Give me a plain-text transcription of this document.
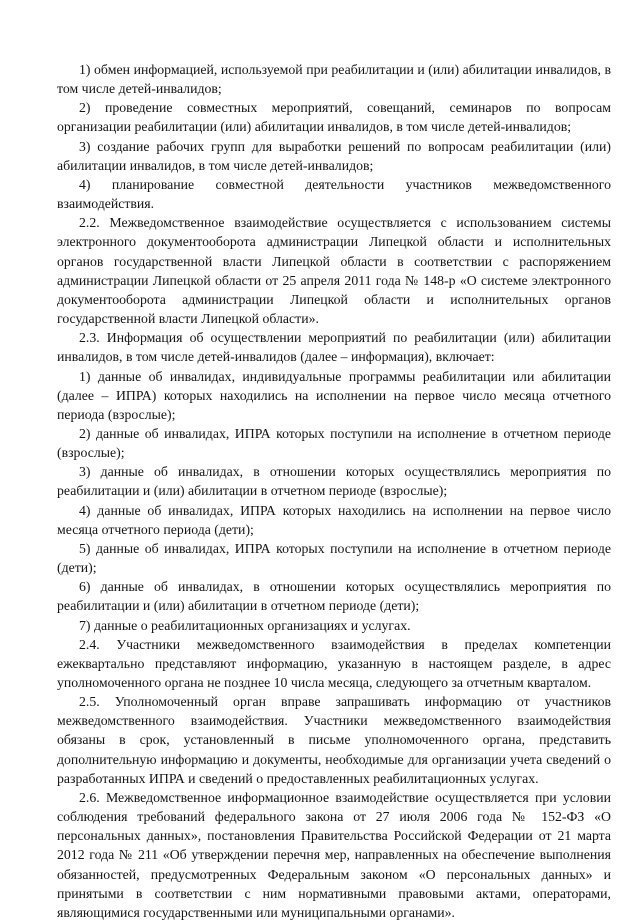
1) обмен информацией, используемой при реабилитации и (или) абилитации инвалидов, в том числе детей-инвалидов;

2) проведение совместных мероприятий, совещаний, семинаров по вопросам организации реабилитации (или) абилитации инвалидов, в том числе детей-инвалидов;

3) создание рабочих групп для выработки решений по вопросам реабилитации (или) абилитации инвалидов, в том числе детей-инвалидов;

4) планирование совместной деятельности участников межведомственного взаимодействия.

2.2. Межведомственное взаимодействие осуществляется с использованием системы электронного документооборота администрации Липецкой области и исполнительных органов государственной власти Липецкой области в соответствии с распоряжением администрации Липецкой области от 25 апреля 2011 года № 148-р «О системе электронного документооборота администрации Липецкой области и исполнительных органов государственной власти Липецкой области».

2.3. Информация об осуществлении мероприятий по реабилитации (или) абилитации инвалидов, в том числе детей-инвалидов (далее – информация), включает:

1) данные об инвалидах, индивидуальные программы реабилитации или абилитации (далее – ИПРА) которых находились на исполнении на первое число месяца отчетного периода (взрослые);

2) данные об инвалидах, ИПРА которых поступили на исполнение в отчетном периоде (взрослые);

3) данные об инвалидах, в отношении которых осуществлялись мероприятия по реабилитации и (или) абилитации в отчетном периоде (взрослые);

4) данные об инвалидах, ИПРА которых находились на исполнении на первое число месяца отчетного периода (дети);

5) данные об инвалидах, ИПРА которых поступили на исполнение в отчетном периоде (дети);

6) данные об инвалидах, в отношении которых осуществлялись мероприятия по реабилитации и (или) абилитации в отчетном периоде (дети);

7) данные о реабилитационных организациях и услугах.

2.4. Участники межведомственного взаимодействия в пределах компетенции ежеквартально представляют информацию, указанную в настоящем разделе, в адрес уполномоченного органа не позднее 10 числа месяца, следующего за отчетным кварталом.

2.5. Уполномоченный орган вправе запрашивать информацию от участников межведомственного взаимодействия. Участники межведомственного взаимодействия обязаны в срок, установленный в письме уполномоченного органа, представить дополнительную информацию и документы, необходимые для организации учета сведений о разработанных ИПРА и сведений о предоставленных реабилитационных услугах.

2.6. Межведомственное информационное взаимодействие осуществляется при условии соблюдения требований федерального закона от 27 июля 2006 года № 152-ФЗ «О персональных данных», постановления Правительства Российской Федерации от 21 марта 2012 года № 211 «Об утверждении перечня мер, направленных на обеспечение выполнения обязанностей, предусмотренных Федеральным законом «О персональных данных» и принятыми в соответствии с ним нормативными правовыми актами, операторами, являющимися государственными или муниципальными органами».
